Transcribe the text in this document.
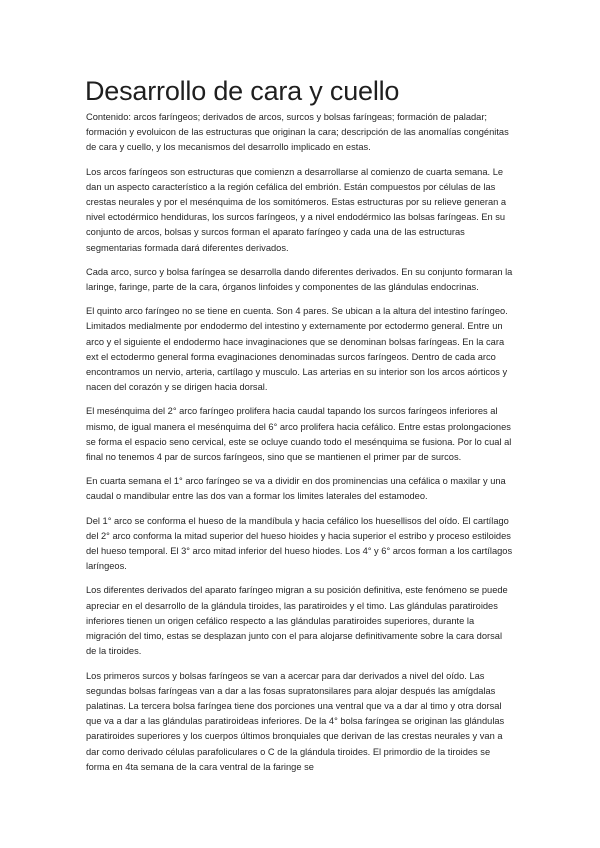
Desarrollo de cara y cuello

Contenido: arcos faríngeos; derivados de arcos, surcos y bolsas faríngeas; formación de paladar; formación y evoluicon de las estructuras que originan la cara; descripción de las anomalías congénitas de cara y cuello, y los mecanismos del desarrollo implicado en estas.

Los arcos faríngeos son estructuras que comienzn a desarrollarse al comienzo de cuarta semana. Le dan un aspecto característico a la región cefálica del embrión. Están compuestos por células de las crestas neurales y por el mesénquima de los somitómeros. Estas estructuras por su relieve generan a nivel ectodérmico hendiduras, los surcos faríngeos, y a nivel endodérmico las bolsas faríngeas. En su conjunto de arcos, bolsas y surcos forman el aparato faríngeo y cada una de las estructuras segmentarias formada dará diferentes derivados.

Cada arco, surco y bolsa faríngea se desarrolla dando diferentes derivados. En su conjunto formaran la laringe, faringe, parte de la cara, órganos linfoides y componentes de las glándulas endocrinas.

El quinto arco faríngeo no se tiene en cuenta. Son 4 pares. Se ubican a la altura del intestino faríngeo. Limitados medialmente por endodermo del intestino y externamente por ectodermo general. Entre un arco y el siguiente el endodermo hace invaginaciones que se denominan bolsas faríngeas. En la cara ext el ectodermo general forma evaginaciones denominadas surcos faríngeos. Dentro de cada arco encontramos un nervio, arteria, cartílago y musculo. Las arterias en su interior son los arcos aórticos y nacen del corazón y se dirigen hacia dorsal.

El mesénquima del 2° arco faríngeo prolifera hacia caudal tapando los surcos faríngeos inferiores al mismo, de igual manera el mesénquima del 6° arco prolifera hacia cefálico. Entre estas prolongaciones se forma el espacio seno cervical, este se ocluye cuando todo el mesénquima se fusiona. Por lo cual al final no tenemos 4 par de surcos faríngeos, sino que se mantienen el primer par de surcos.

En cuarta semana el 1° arco faríngeo se va a dividir en dos prominencias una cefálica o maxilar y una caudal o mandibular entre las dos van a formar los limites laterales del estamodeo.

Del 1° arco se conforma el hueso de la mandíbula y hacia cefálico los huesellisos del oído. El cartílago del 2° arco conforma la mitad superior del hueso hioides y hacia superior el estribo y proceso estiloides del hueso temporal. El 3° arco mitad inferior del hueso hiodes. Los 4° y 6° arcos forman a los cartílagos laríngeos.

Los diferentes derivados del aparato faríngeo migran a su posición definitiva, este fenómeno se puede apreciar en el desarrollo de la glándula tiroides, las paratiroides y el timo. Las glándulas paratiroides inferiores tienen un origen cefálico respecto a las glándulas paratiroides superiores, durante la migración del timo, estas se desplazan junto con el para alojarse definitivamente sobre la cara dorsal de la tiroides.

Los primeros surcos y bolsas faríngeos se van a acercar para dar derivados a nivel del oído. Las segundas bolsas faríngeas van a dar a las fosas supratonsilares para alojar después las amígdalas palatinas. La tercera bolsa faríngea tiene dos porciones una ventral que va a dar al timo y otra dorsal que va a dar a las glándulas paratiroideas inferiores. De la 4° bolsa faríngea se originan las glándulas paratiroides superiores y los cuerpos últimos bronquiales que derivan de las crestas neurales y van a dar como derivado células parafoliculares o C de la glándula tiroides. El primordio de la tiroides se forma en 4ta semana de la cara ventral de la faringe se
